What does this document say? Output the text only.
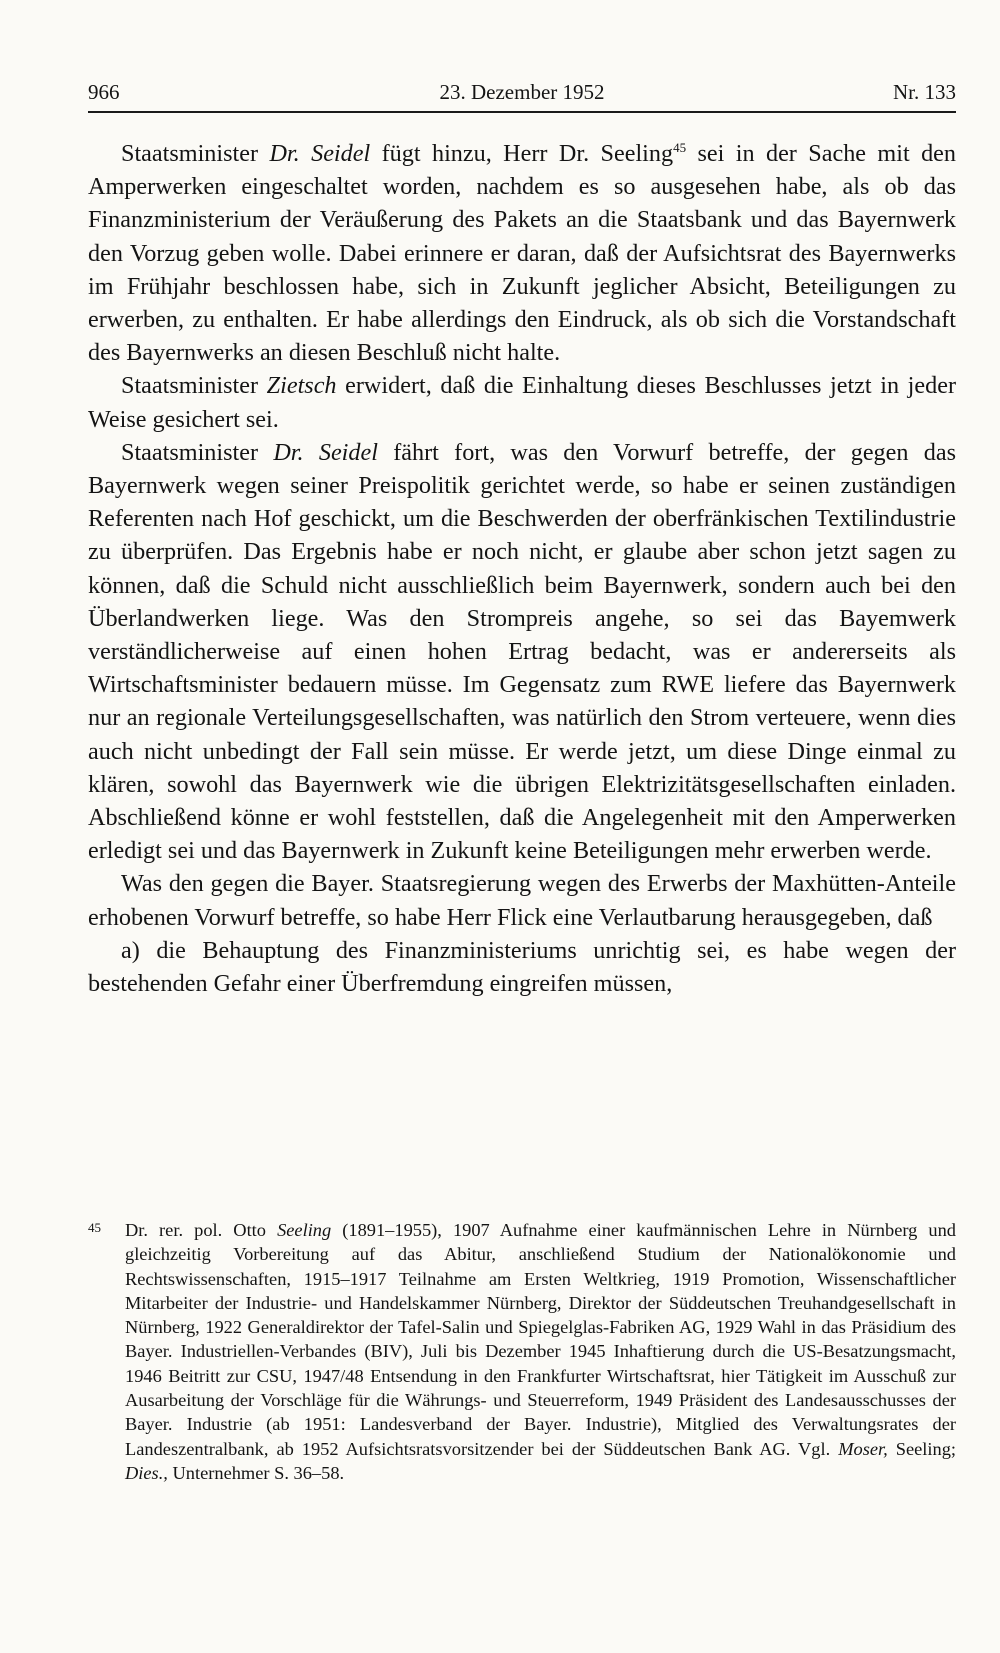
966	23. Dezember 1952	Nr. 133

Staatsminister Dr. Seidel fügt hinzu, Herr Dr. Seeling$^{45}$ sei in der Sache mit den Amperwerken eingeschaltet worden, nachdem es so ausgesehen habe, als ob das Finanzministerium der Veräußerung des Pakets an die Staatsbank und das Bayernwerk den Vorzug geben wolle. Dabei erinnere er daran, daß der Aufsichtsrat des Bayernwerks im Frühjahr beschlossen habe, sich in Zukunft jeglicher Absicht, Beteiligungen zu erwerben, zu enthalten. Er habe allerdings den Eindruck, als ob sich die Vorstandschaft des Bayernwerks an diesen Beschluß nicht halte.

Staatsminister Zietsch erwidert, daß die Einhaltung dieses Beschlusses jetzt in jeder Weise gesichert sei.

Staatsminister Dr. Seidel fährt fort, was den Vorwurf betreffe, der gegen das Bayernwerk wegen seiner Preispolitik gerichtet werde, so habe er seinen zuständigen Referenten nach Hof geschickt, um die Beschwerden der oberfränkischen Textilindustrie zu überprüfen. Das Ergebnis habe er noch nicht, er glaube aber schon jetzt sagen zu können, daß die Schuld nicht ausschließlich beim Bayernwerk, sondern auch bei den Überlandwerken liege. Was den Strompreis angehe, so sei das Bayemwerk verständlicherweise auf einen hohen Ertrag bedacht, was er andererseits als Wirtschaftsminister bedauern müsse. Im Gegensatz zum RWE liefere das Bayernwerk nur an regionale Verteilungsgesellschaften, was natürlich den Strom verteuere, wenn dies auch nicht unbedingt der Fall sein müsse. Er werde jetzt, um diese Dinge einmal zu klären, sowohl das Bayernwerk wie die übrigen Elektrizitätsgesellschaften einladen. Abschließend könne er wohl feststellen, daß die Angelegenheit mit den Amperwerken erledigt sei und das Bayernwerk in Zukunft keine Beteiligungen mehr erwerben werde.

Was den gegen die Bayer. Staatsregierung wegen des Erwerbs der Maxhütten-Anteile erhobenen Vorwurf betreffe, so habe Herr Flick eine Verlautbarung herausgegeben, daß

a) die Behauptung des Finanzministeriums unrichtig sei, es habe wegen der bestehenden Gefahr einer Überfremdung eingreifen müssen,

45 Dr. rer. pol. Otto Seeling (1891–1955), 1907 Aufnahme einer kaufmännischen Lehre in Nürnberg und gleichzeitig Vorbereitung auf das Abitur, anschließend Studium der Nationalökonomie und Rechtswissenschaften, 1915–1917 Teilnahme am Ersten Weltkrieg, 1919 Promotion, Wissenschaftlicher Mitarbeiter der Industrie- und Handelskammer Nürnberg, Direktor der Süddeutschen Treuhandgesellschaft in Nürnberg, 1922 Generaldirektor der Tafel-Salin und Spiegelglas-Fabriken AG, 1929 Wahl in das Präsidium des Bayer. Industriellen-Verbandes (BIV), Juli bis Dezember 1945 Inhaftierung durch die US-Besatzungsmacht, 1946 Beitritt zur CSU, 1947/48 Entsendung in den Frankfurter Wirtschaftsrat, hier Tätigkeit im Ausschuß zur Ausarbeitung der Vorschläge für die Währungs- und Steuerreform, 1949 Präsident des Landesausschusses der Bayer. Industrie (ab 1951: Landesverband der Bayer. Industrie), Mitglied des Verwaltungsrates der Landeszentralbank, ab 1952 Aufsichtsratsvorsitzender bei der Süddeutschen Bank AG. Vgl. Moser, Seeling; Dies., Unternehmer S. 36–58.
